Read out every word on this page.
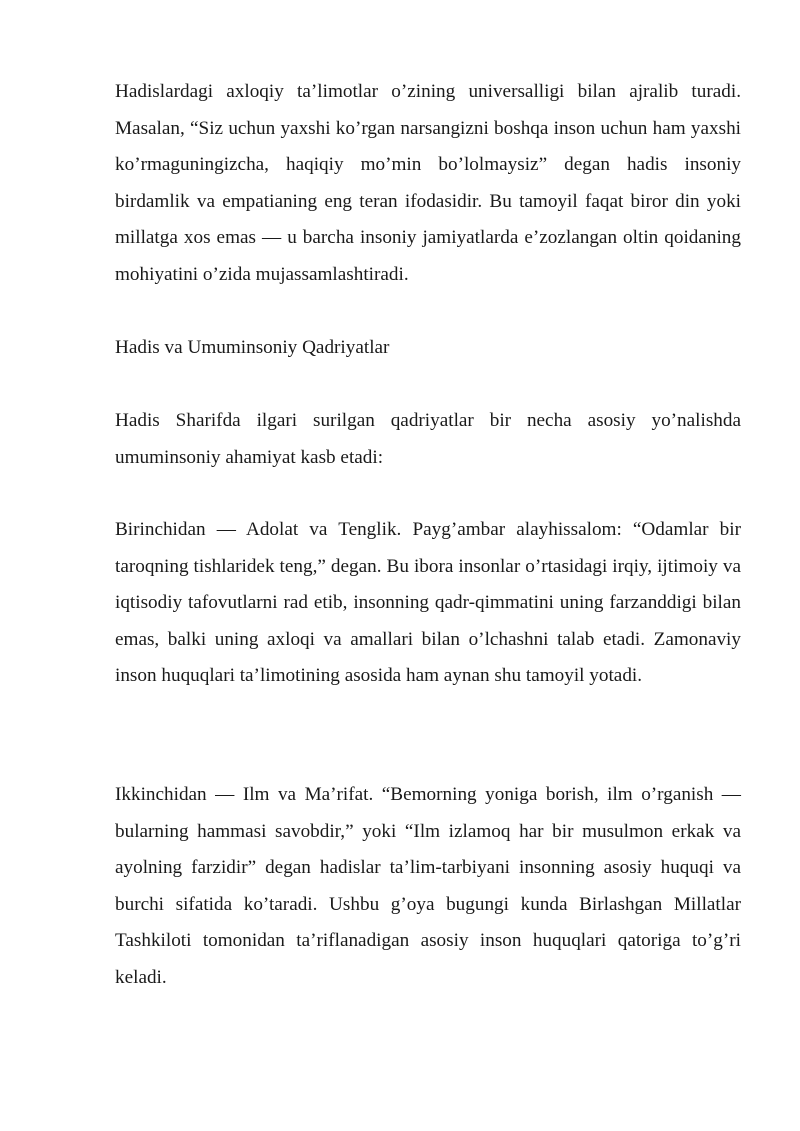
Hadislardagi axloqiy ta’limotlar o’zining universalligi bilan ajralib turadi. Masalan, “Siz uchun yaxshi ko’rgan narsangizni boshqa inson uchun ham yaxshi ko’rmaguningizcha, haqiqiy mo’min bo’lolmaysiz” degan hadis insoniy birdamlik va empatianing eng teran ifodasidir. Bu tamoyil faqat biror din yoki millatga xos emas — u barcha insoniy jamiyatlarda e’zozlangan oltin qoidaning mohiyatini o’zida mujassamlashtiradi.

Hadis va Umuminsoniy Qadriyatlar

Hadis Sharifda ilgari surilgan qadriyatlar bir necha asosiy yo’nalishda umuminsoniy ahamiyat kasb etadi:

Birinchidan — Adolat va Tenglik. Payg’ambar alayhissalom: “Odamlar bir taroqning tishlaridek teng,” degan. Bu ibora insonlar o’rtasidagi irqiy, ijtimoiy va iqtisodiy tafovutlarni rad etib, insonning qadr-qimmatini uning farzanddigi bilan emas, balki uning axloqi va amallari bilan o’lchashni talab etadi. Zamonaviy inson huquqlari ta’limotining asosida ham aynan shu tamoyil yotadi.

Ikkinchidan — Ilm va Ma’rifat. “Bemorning yoniga borish, ilm o’rganish — bularning hammasi savobdir,” yoki “Ilm izlamoq har bir musulmon erkak va ayolning farzidir” degan hadislar ta’lim-tarbiyani insonning asosiy huquqi va burchi sifatida ko’taradi. Ushbu g’oya bugungi kunda Birlashgan Millatlar Tashkiloti tomonidan ta’riflanadigan asosiy inson huquqlari qatoriga to’g’ri keladi.
